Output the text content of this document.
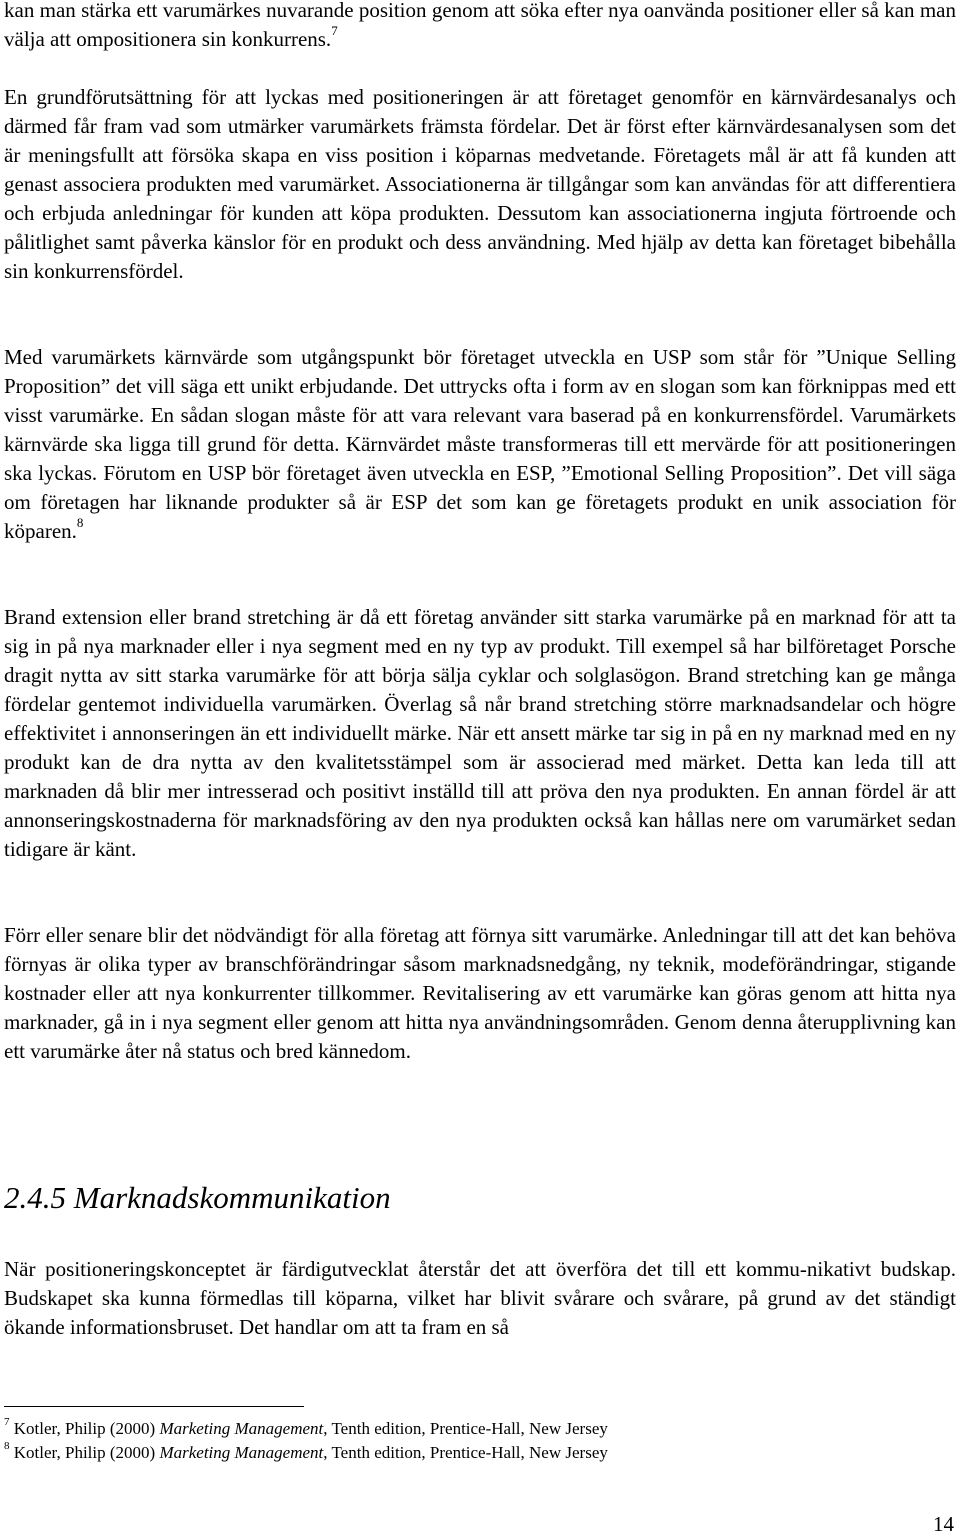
kan man stärka ett varumärkes nuvarande position genom att söka efter nya oanvända positioner eller så kan man välja att ompositionera sin konkurrens.$^7$

En grundförutsättning för att lyckas med positioneringen är att företaget genomför en kärnvärdesanalys och därmed får fram vad som utmärker varumärkets främsta fördelar. Det är först efter kärnvärdesanalysen som det är meningsfullt att försöka skapa en viss position i köparnas medvetande. Företagets mål är att få kunden att genast associera produkten med varumärket. Associationerna är tillgångar som kan användas för att differentiera och erbjuda anledningar för kunden att köpa produkten. Dessutom kan associationerna ingjuta förtroende och pålitlighet samt påverka känslor för en produkt och dess användning. Med hjälp av detta kan företaget bibehålla sin konkurrensfördel.

Med varumärkets kärnvärde som utgångspunkt bör företaget utveckla en USP som står för ”Unique Selling Proposition” det vill säga ett unikt erbjudande. Det uttrycks ofta i form av en slogan som kan förknippas med ett visst varumärke. En sådan slogan måste för att vara relevant vara baserad på en konkurrensfördel. Varumärkets kärnvärde ska ligga till grund för detta. Kärnvärdet måste transformeras till ett mervärde för att positioneringen ska lyckas. Förutom en USP bör företaget även utveckla en ESP, ”Emotional Selling Proposition”. Det vill säga om företagen har liknande produkter så är ESP det som kan ge företagets produkt en unik association för köparen.$^8$

Brand extension eller brand stretching är då ett företag använder sitt starka varumärke på en marknad för att ta sig in på nya marknader eller i nya segment med en ny typ av produkt. Till exempel så har bilföretaget Porsche dragit nytta av sitt starka varumärke för att börja sälja cyklar och solglasögon. Brand stretching kan ge många fördelar gentemot individuella varumärken. Överlag så når brand stretching större marknadsandelar och högre effektivitet i annonseringen än ett individuellt märke. När ett ansett märke tar sig in på en ny marknad med en ny produkt kan de dra nytta av den kvalitetsstämpel som är associerad med märket. Detta kan leda till att marknaden då blir mer intresserad och positivt inställd till att pröva den nya produkten. En annan fördel är att annonseringskostnaderna för marknadsföring av den nya produkten också kan hållas nere om varumärket sedan tidigare är känt.

Förr eller senare blir det nödvändigt för alla företag att förnya sitt varumärke. Anledningar till att det kan behöva förnyas är olika typer av branschförändringar såsom marknadsnedgång, ny teknik, modeförändringar, stigande kostnader eller att nya konkurrenter tillkommer. Revitalisering av ett varumärke kan göras genom att hitta nya marknader, gå in i nya segment eller genom att hitta nya användningsområden. Genom denna återupplivning kan ett varumärke åter nå status och bred kännedom.

2.4.5 Marknadskommunikation

När positioneringskonceptet är färdigutvecklat återstår det att överföra det till ett kommu-nikativt budskap. Budskapet ska kunna förmedlas till köparna, vilket har blivit svårare och svårare, på grund av det ständigt ökande informationsbruset. Det handlar om att ta fram en så

$^7$ Kotler, Philip (2000) Marketing Management, Tenth edition, Prentice-Hall, New Jersey

$^8$ Kotler, Philip (2000) Marketing Management, Tenth edition, Prentice-Hall, New Jersey

14
